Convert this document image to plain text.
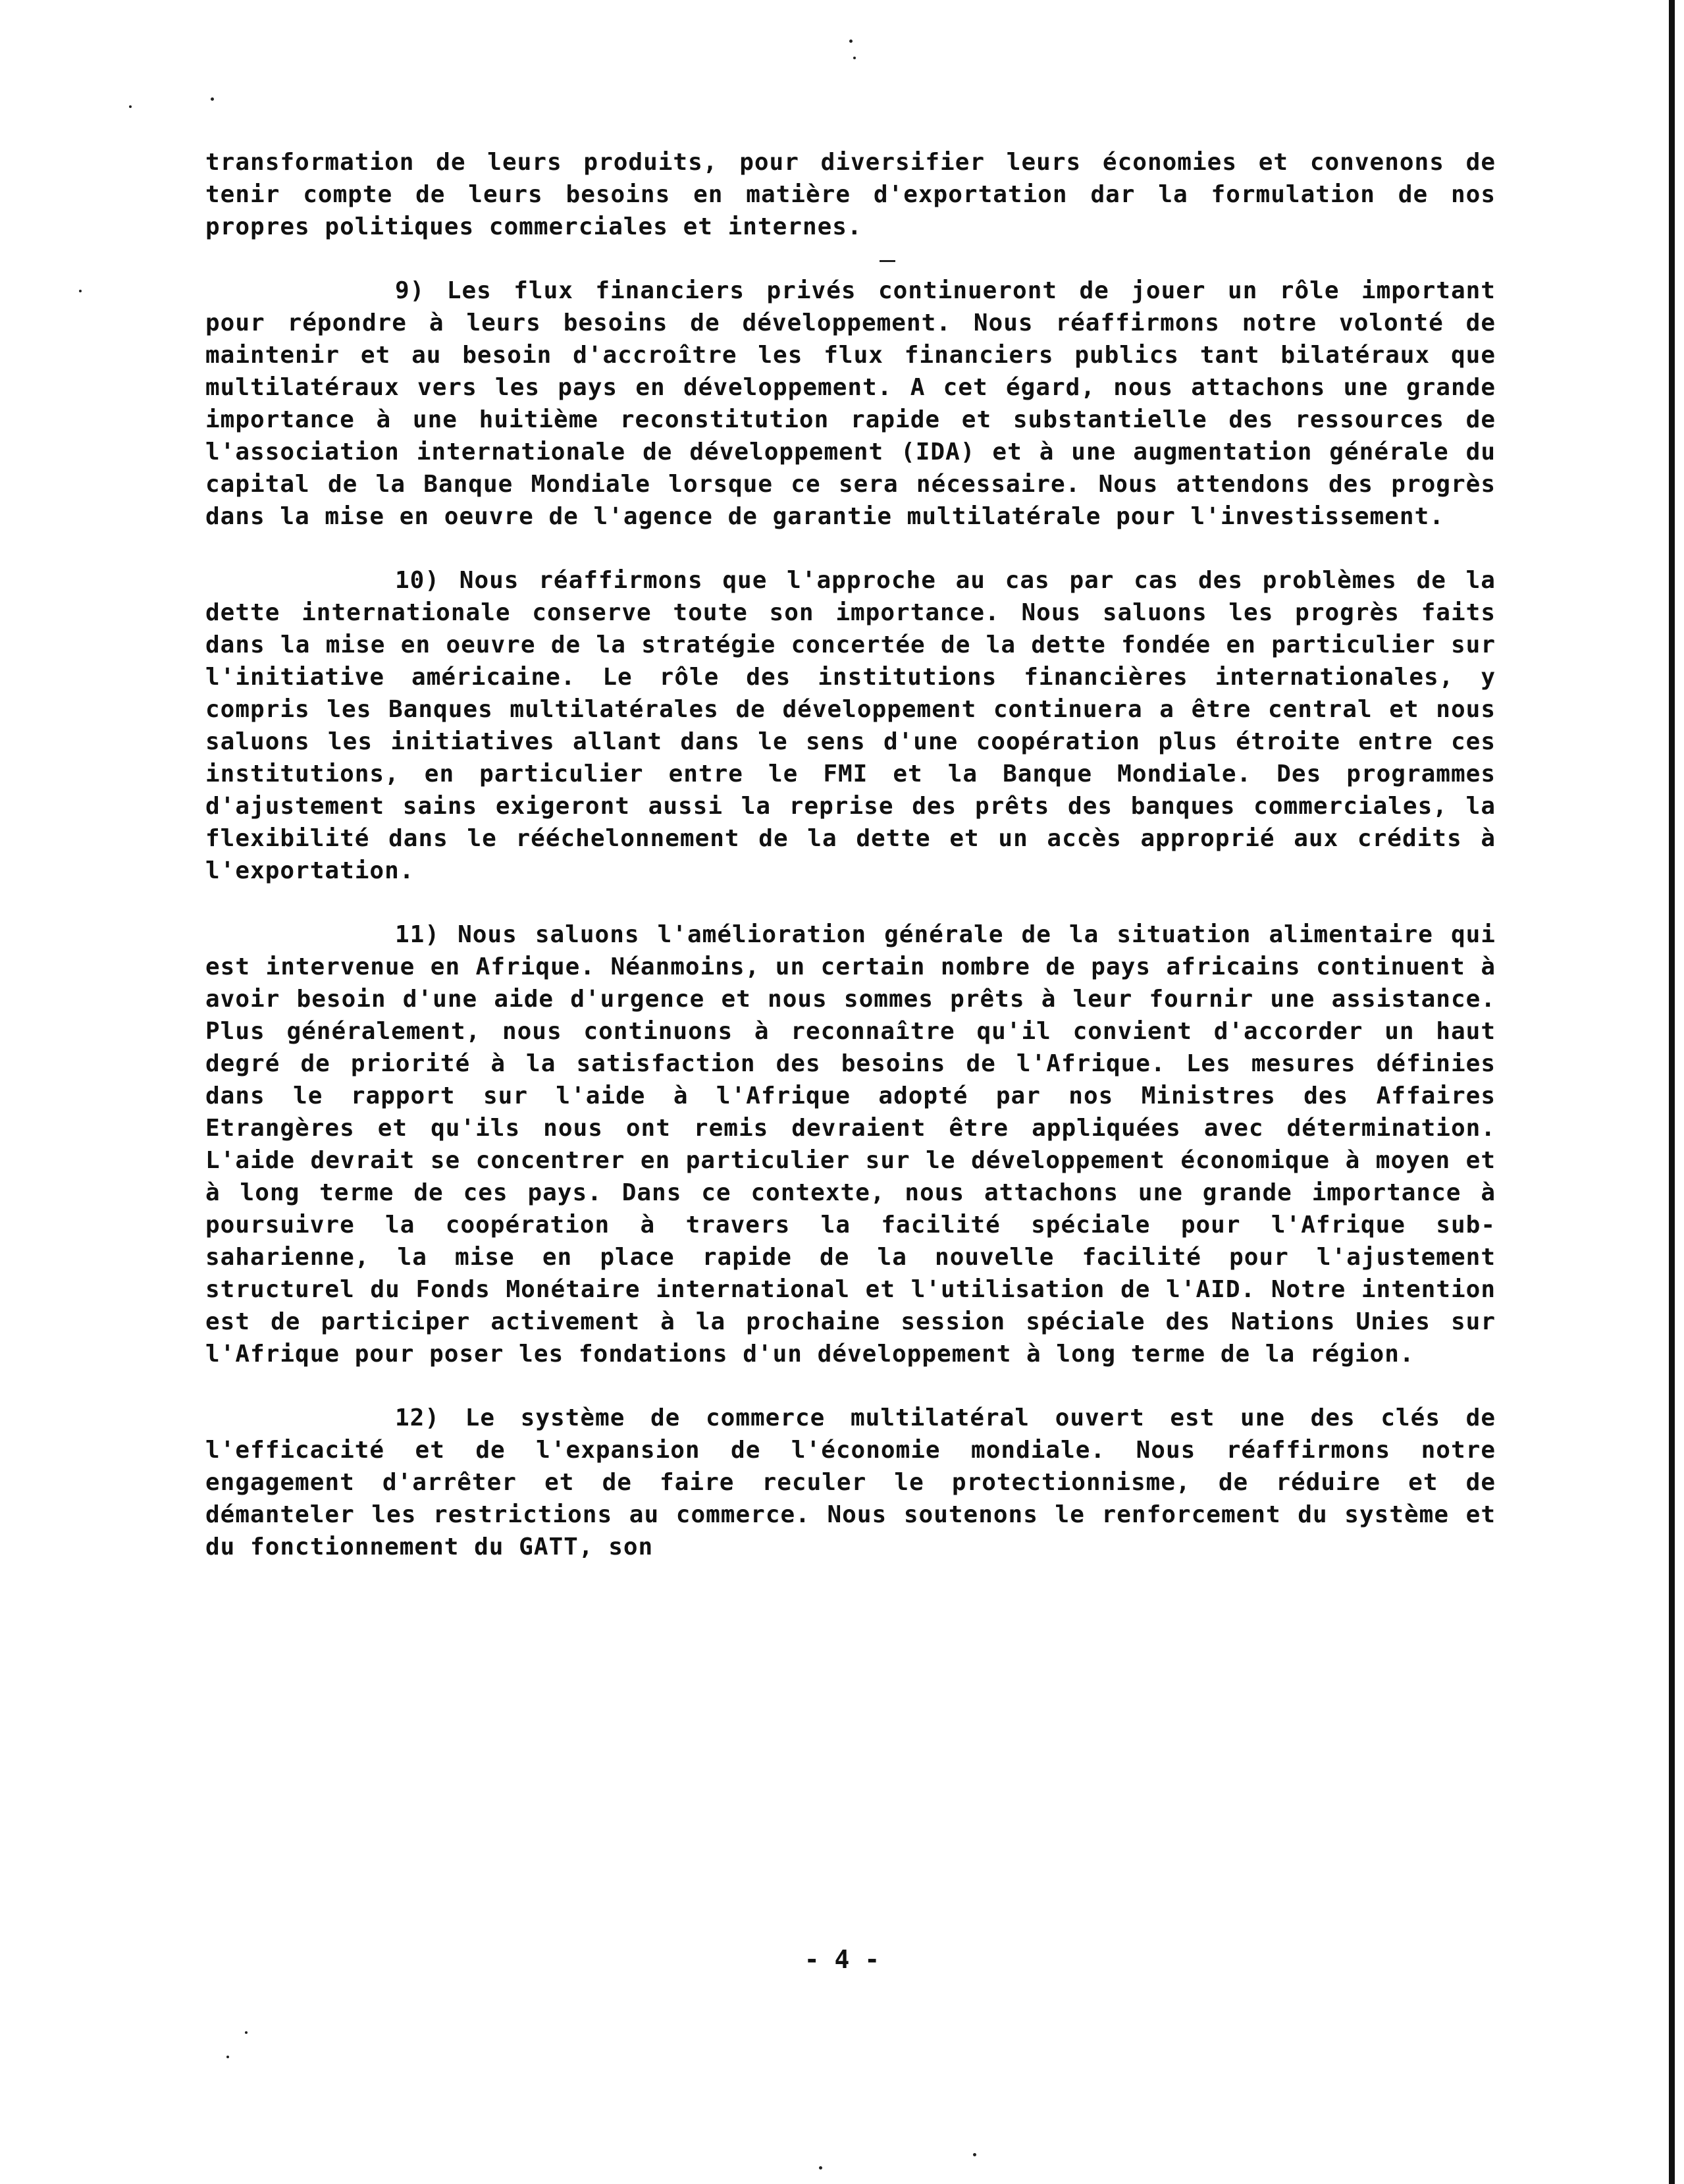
transformation de leurs produits, pour diversifier leurs économies et convenons de tenir compte de leurs besoins en matière d'exportation dar la formulation de nos propres politiques commerciales et internes.

9) Les flux financiers privés continueront de jouer un rôle important pour répondre à leurs besoins de développement. Nous réaffirmons notre volonté de maintenir et au besoin d'accroître les flux financiers publics tant bilatéraux que multilatéraux vers les pays en développement. A cet égard, nous attachons une grande importance à une huitième reconstitution rapide et substantielle des ressources de l'association internationale de développement (IDA) et à une augmentation générale du capital de la Banque Mondiale lorsque ce sera nécessaire. Nous attendons des progrès dans la mise en oeuvre de l'agence de garantie multilatérale pour l'investissement.

10) Nous réaffirmons que l'approche au cas par cas des problèmes de la dette internationale conserve toute son importance. Nous saluons les progrès faits dans la mise en oeuvre de la stratégie concertée de la dette fondée en particulier sur l'initiative américaine. Le rôle des institutions financières internationales, y compris les Banques multilatérales de développement continuera a être central et nous saluons les initiatives allant dans le sens d'une coopération plus étroite entre ces institutions, en particulier entre le FMI et la Banque Mondiale. Des programmes d'ajustement sains exigeront aussi la reprise des prêts des banques commerciales, la flexibilité dans le rééchelonnement de la dette et un accès approprié aux crédits à l'exportation.

11) Nous saluons l'amélioration générale de la situation alimentaire qui est intervenue en Afrique. Néanmoins, un certain nombre de pays africains continuent à avoir besoin d'une aide d'urgence et nous sommes prêts à leur fournir une assistance. Plus généralement, nous continuons à reconnaître qu'il convient d'accorder un haut degré de priorité à la satisfaction des besoins de l'Afrique. Les mesures définies dans le rapport sur l'aide à l'Afrique adopté par nos Ministres des Affaires Etrangères et qu'ils nous ont remis devraient être appliquées avec détermination. L'aide devrait se concentrer en particulier sur le développement économique à moyen et à long terme de ces pays. Dans ce contexte, nous attachons une grande importance à poursuivre la coopération à travers la facilité spéciale pour l'Afrique sub-saharienne, la mise en place rapide de la nouvelle facilité pour l'ajustement structurel du Fonds Monétaire international et l'utilisation de l'AID. Notre intention est de participer activement à la prochaine session spéciale des Nations Unies sur l'Afrique pour poser les fondations d'un développement à long terme de la région.

12) Le système de commerce multilatéral ouvert est une des clés de l'efficacité et de l'expansion de l'économie mondiale. Nous réaffirmons notre engagement d'arrêter et de faire reculer le protectionnisme, de réduire et de démanteler les restrictions au commerce. Nous soutenons le renforcement du système et du fonctionnement du GATT, son

- 4 -
